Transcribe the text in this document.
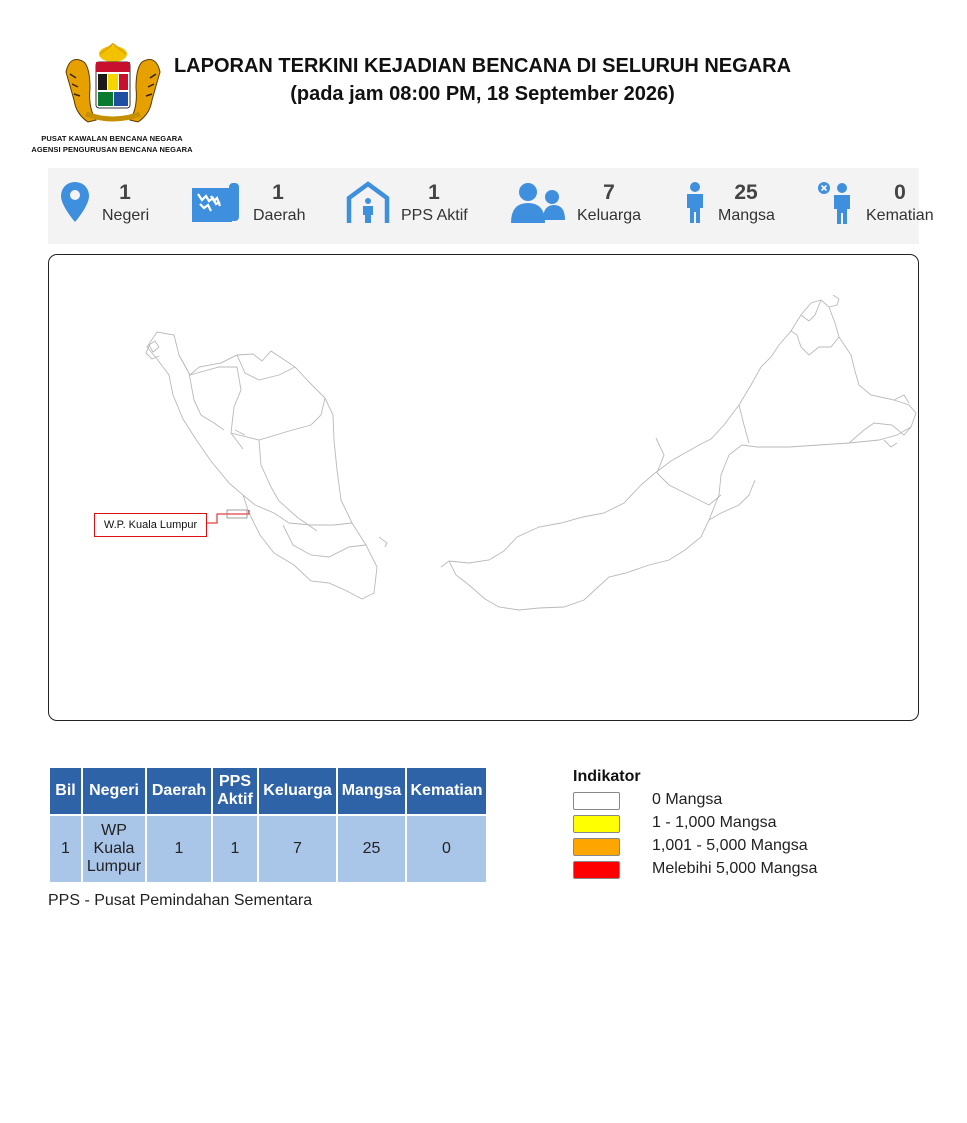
PUSAT KAWALAN BENCANA NEGARA
AGENSI PENGURUSAN BENCANA NEGARA
LAPORAN TERKINI KEJADIAN BENCANA DI SELURUH NEGARA
(pada jam 08:00 PM, 18 September 2026)
1
Negeri
1
Daerah
1
PPS Aktif
7
Keluarga
25
Mangsa
0
Kematian
W.P. Kuala Lumpur
Bil	Negeri	Daerah	PPS Aktif	Keluarga	Mangsa	Kematian
1	WP Kuala Lumpur	1	1	7	25	0
PPS - Pusat Pemindahan Sementara
Indikator
0 Mangsa
1 - 1,000 Mangsa
1,001 - 5,000 Mangsa
Melebihi 5,000 Mangsa
